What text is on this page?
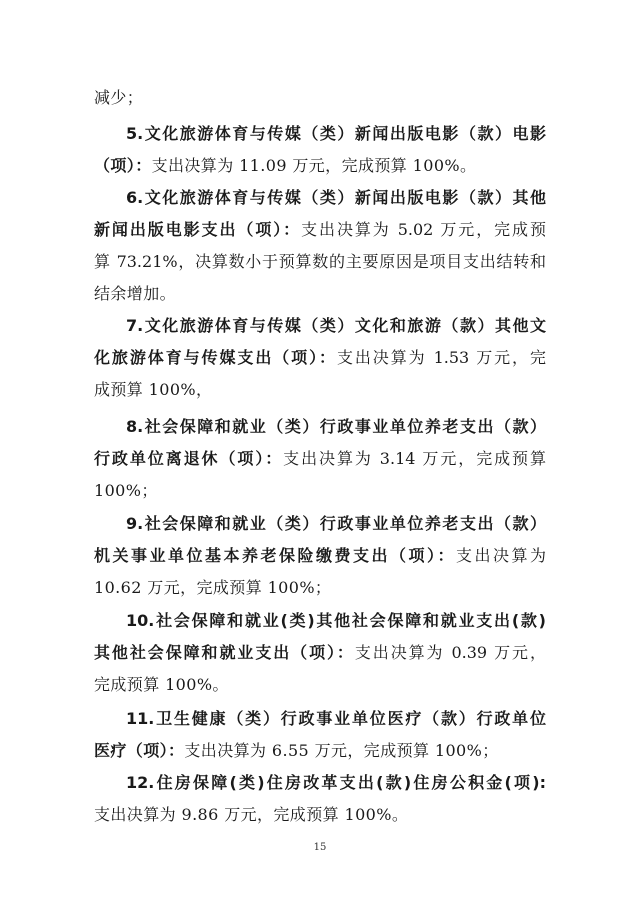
减少；
5.文化旅游体育与传媒（类）新闻出版电影（款）电影
（项）：支出决算为 11.09 万元，完成预算 100%。
6.文化旅游体育与传媒（类）新闻出版电影（款）其他
新闻出版电影支出（项）：支出决算为 5.02 万元，完成预
算 73.21%，决算数小于预算数的主要原因是项目支出结转和
结余增加。
7.文化旅游体育与传媒（类）文化和旅游（款）其他文
化旅游体育与传媒支出（项）：支出决算为 1.53 万元，完
成预算 100%，
8.社会保障和就业（类）行政事业单位养老支出（款）
行政单位离退休（项）：支出决算为 3.14 万元，完成预算
100%；
9.社会保障和就业（类）行政事业单位养老支出（款）
机关事业单位基本养老保险缴费支出（项）：支出决算为
10.62 万元，完成预算 100%；
10.社会保障和就业(类)其他社会保障和就业支出(款)
其他社会保障和就业支出（项）：支出决算为 0.39 万元，
完成预算 100%。
11.卫生健康（类）行政事业单位医疗（款）行政单位
医疗（项）：支出决算为 6.55 万元，完成预算 100%；
12.住房保障(类)住房改革支出(款)住房公积金(项):
支出决算为 9.86 万元，完成预算 100%。
15
